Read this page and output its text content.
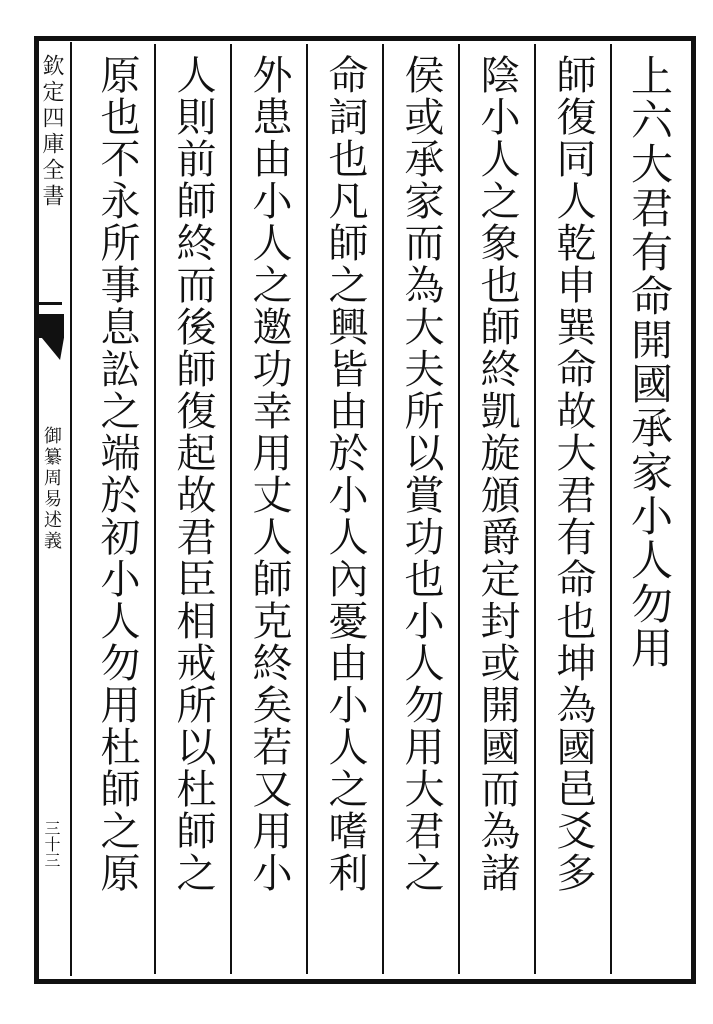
欽定四庫全書
御纂周易述義
三十三
上六大君有命開國承家小人勿用
師復同人乾申巽命故大君有命也坤為國邑爻多
陰小人之象也師終凱旋頒爵定封或開國而為諸
侯或承家而為大夫所以賞功也小人勿用大君之
命詞也凡師之興皆由於小人內憂由小人之嗜利
外患由小人之邀功幸用丈人師克終矣若又用小
人則前師終而後師復起故君臣相戒所以杜師之
原也不永所事息訟之端於初小人勿用杜師之原
